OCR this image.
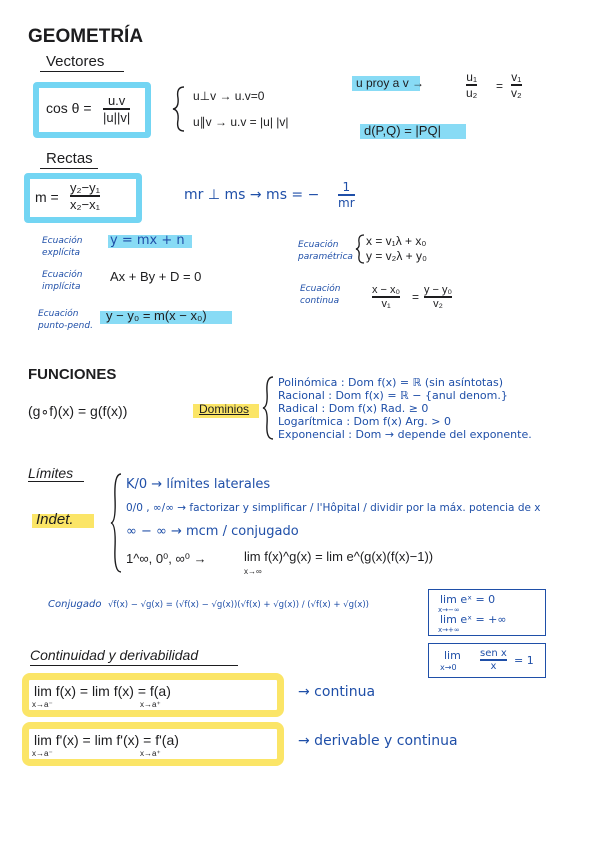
GEOMETRÍA
Vectores
cos θ = u.v
|u||v|
u⊥v → u.v=0
u∥v → u.v = |u| |v|
u proy a v →	u₁
u₂ =
v₁
v₂
d(P,Q) = |PQ|
Rectas
m =
y₂−y₁
x₂−x₁
mr ⊥ ms → ms = − 1
mr
Ecuación
explícita
y = mx + n
Ecuación
implícita
Ax + By + D = 0
Ecuación
punto-pend.
y − y₀ = m(x − x₀)
Ecuación
paramétrica
x = v₁λ + x₀
y = v₂λ + y₀
Ecuación
continua
x − x₀
v₁ = y − y₀
v₂
FUNCIONES
(g∘f)(x) = g(f(x))	Dominios
Polinómica : Dom f(x) = ℝ (sin asíntotas)
Racional : Dom f(x) = ℝ − {anul denom.}
Radical : Dom f(x) Rad. ≥ 0
Logarítmica : Dom f(x) Arg. > 0
Exponencial : Dom → depende del exponente.
Límites
Indet.
K/0 → límites laterales
0/0 , ∞/∞ → factorizar y simplificar / l'Hôpital / dividir por la máx. potencia de x
∞ − ∞ → mcm / conjugado
1^∞, 0⁰, ∞⁰ →	lim f(x)^g(x) = lim e^(g(x)(f(x)−1))
x→∞
Conjugado √f(x) − √g(x) = (√f(x) − √g(x))(√f(x) + √g(x)) / (√f(x) + √g(x))	lim eˣ = 0
x→−∞
lim eˣ = +∞
x→+∞
lim
x→0
sen x
x = 1
Continuidad y derivabilidad
lim f(x) = lim f(x) = f(a)
x→a⁻	x→a⁺
→ continua
lim f'(x) = lim f'(x) = f'(a)
x→a⁻	x→a⁺
→ derivable y continua
